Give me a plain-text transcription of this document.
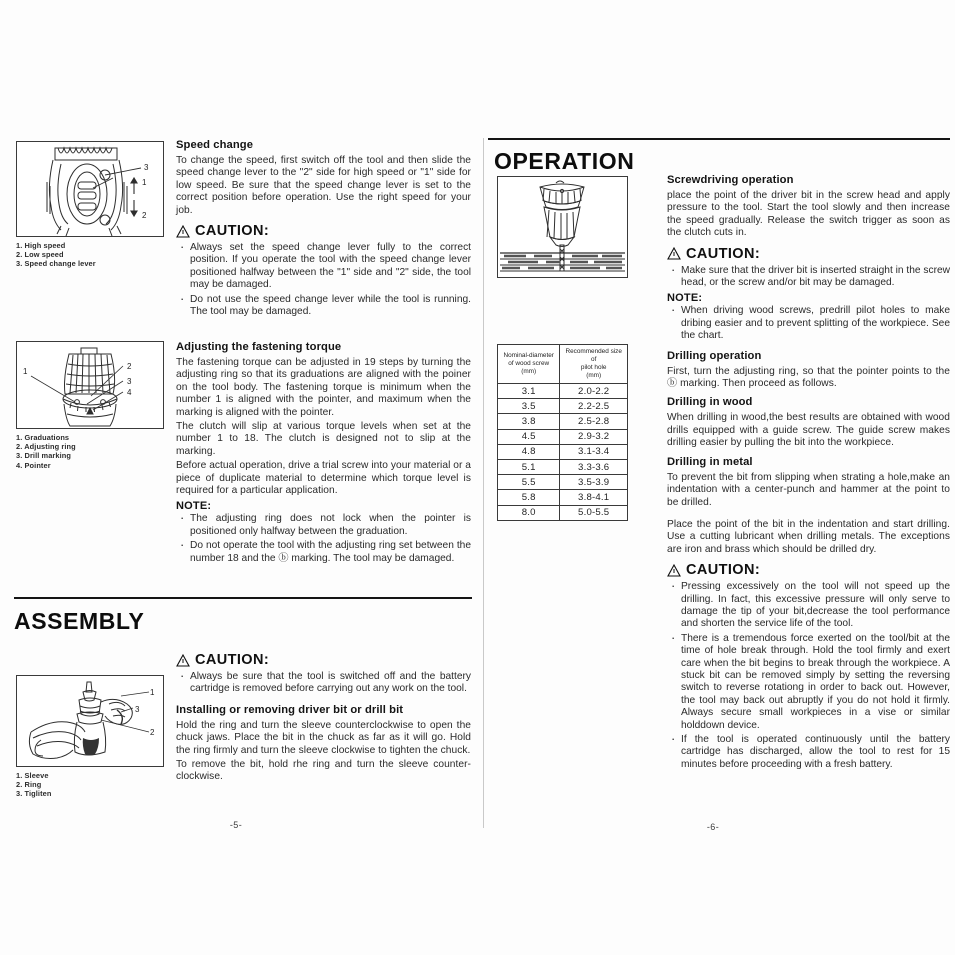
1
2
3
1. High speed
2. Low speed
3. Speed change lever
1
2
3
4
1. Graduations
2. Adjusting ring
3. Drill marking
4. Pointer
Speed change

To change the speed, first switch off the tool and then slide the speed change lever to the "2" side for high speed or "1" side for low speed. Be sure that the speed change lever is set to the correct position before operation. Use the right speed for your job.

CAUTION:
· Always set the speed change lever fully to the correct position. If you operate the tool with the speed change lever positioned halfway between the "1" side and "2" side, the tool may be damaged.
· Do not use the speed change lever while the tool is running. The tool may be damaged.
Adjusting the fastening torque

The fastening torque can be adjusted in 19 steps by turning the adjusting ring so that its graduations are aligned with the poiner on the tool body. The fastening torque is minimum when the number 1 is aligned with the pointer, and maximum when the marking is aligned with the pointer.

The clutch will slip at various torque levels when set at the number 1 to 18. The clutch is designed not to slip at the marking.

Before actual operation, drive a trial screw into your material or a piece of duplicate material to determine which torque level is required for a particular application.

NOTE:
· The adjusting ring does not lock when the pointer is positioned only halfway between the graduation.
· Do not operate the tool with the adjusting ring set between the number 18 and the ⓑ marking. The tool may be damaged.
ASSEMBLY
1
2
3
1. Sleeve
2. Ring
3. Tigliten
CAUTION:
· Always be sure that the tool is switched off and the battery cartridge is removed before carrying out any work on the tool.
Installing or removing driver bit or drill bit

Hold the ring and turn the sleeve counterclockwise to open the chuck jaws. Place the bit in the chuck as far as it will go. Hold the ring firmly and turn the sleeve clockwise to tighten the chuck.

To remove the bit, hold rhe ring and turn the sleeve counter-clockwise.

-5-
OPERATION
Nominal-diameter
of wood screw
(mm)

Recommended size of
pilot hole
(mm)

3.1	2.0-2.2
3.5	2.2-2.5
3.8	2.5-2.8
4.5	2.9-3.2
4.8	3.1-3.4
5.1	3.3-3.6
5.5	3.5-3.9
5.8	3.8-4.1
8.0	5.0-5.5
Screwdriving operation

place the point of the driver bit in the screw head and apply pressure to the tool. Start the tool slowly and then increase the speed gradually. Release the switch trigger as soon as the clutch cuts in.

CAUTION:
· Make sure that the driver bit is inserted straight in the screw head, or the screw and/or bit may be damaged.
NOTE:
· When driving wood screws, predrill pilot holes to make dribing easier and to prevent splitting of the workpiece. See the chart.
Drilling operation

First, turn the adjusting ring, so that the pointer points to the ⓑ marking. Then proceed as follows.

Drilling in wood

When drilling in wood,the best results are obtained with wood drills equipped with a guide screw. The guide screw makes drilling easier by pulling the bit into the workpiece.

Drilling in metal

To prevent the bit from slipping when strating a hole,make an indentation with a center-punch and hammer at the point to be drilled.

Place the point of the bit in the indentation and start drilling. Use a cutting lubricant when drilling metals. The exceptions are iron and brass which should be drilled dry.

CAUTION:
· Pressing excessively on the tool will not speed up the drilling. In fact, this excessive pressure will only serve to damage the tip of your bit,decrease the tool performance and shorten the service life of the tool.
· There is a tremendous force exerted on the tool/bit at the time of hole break through. Hold the tool firmly and exert care when the bit begins to break through the workpiece. A stuck bit can be removed simply by setting the reversing switch to reverse rotationg in order to back out. However, the tool may back out abruptly if you do not hold it firmly. Always secure small workpieces in a vise or similar holddown device.
· If the tool is operated continuously until the battery cartridge has discharged, allow the tool to rest for 15 minutes before proceeding with a fresh battery.
-6-
